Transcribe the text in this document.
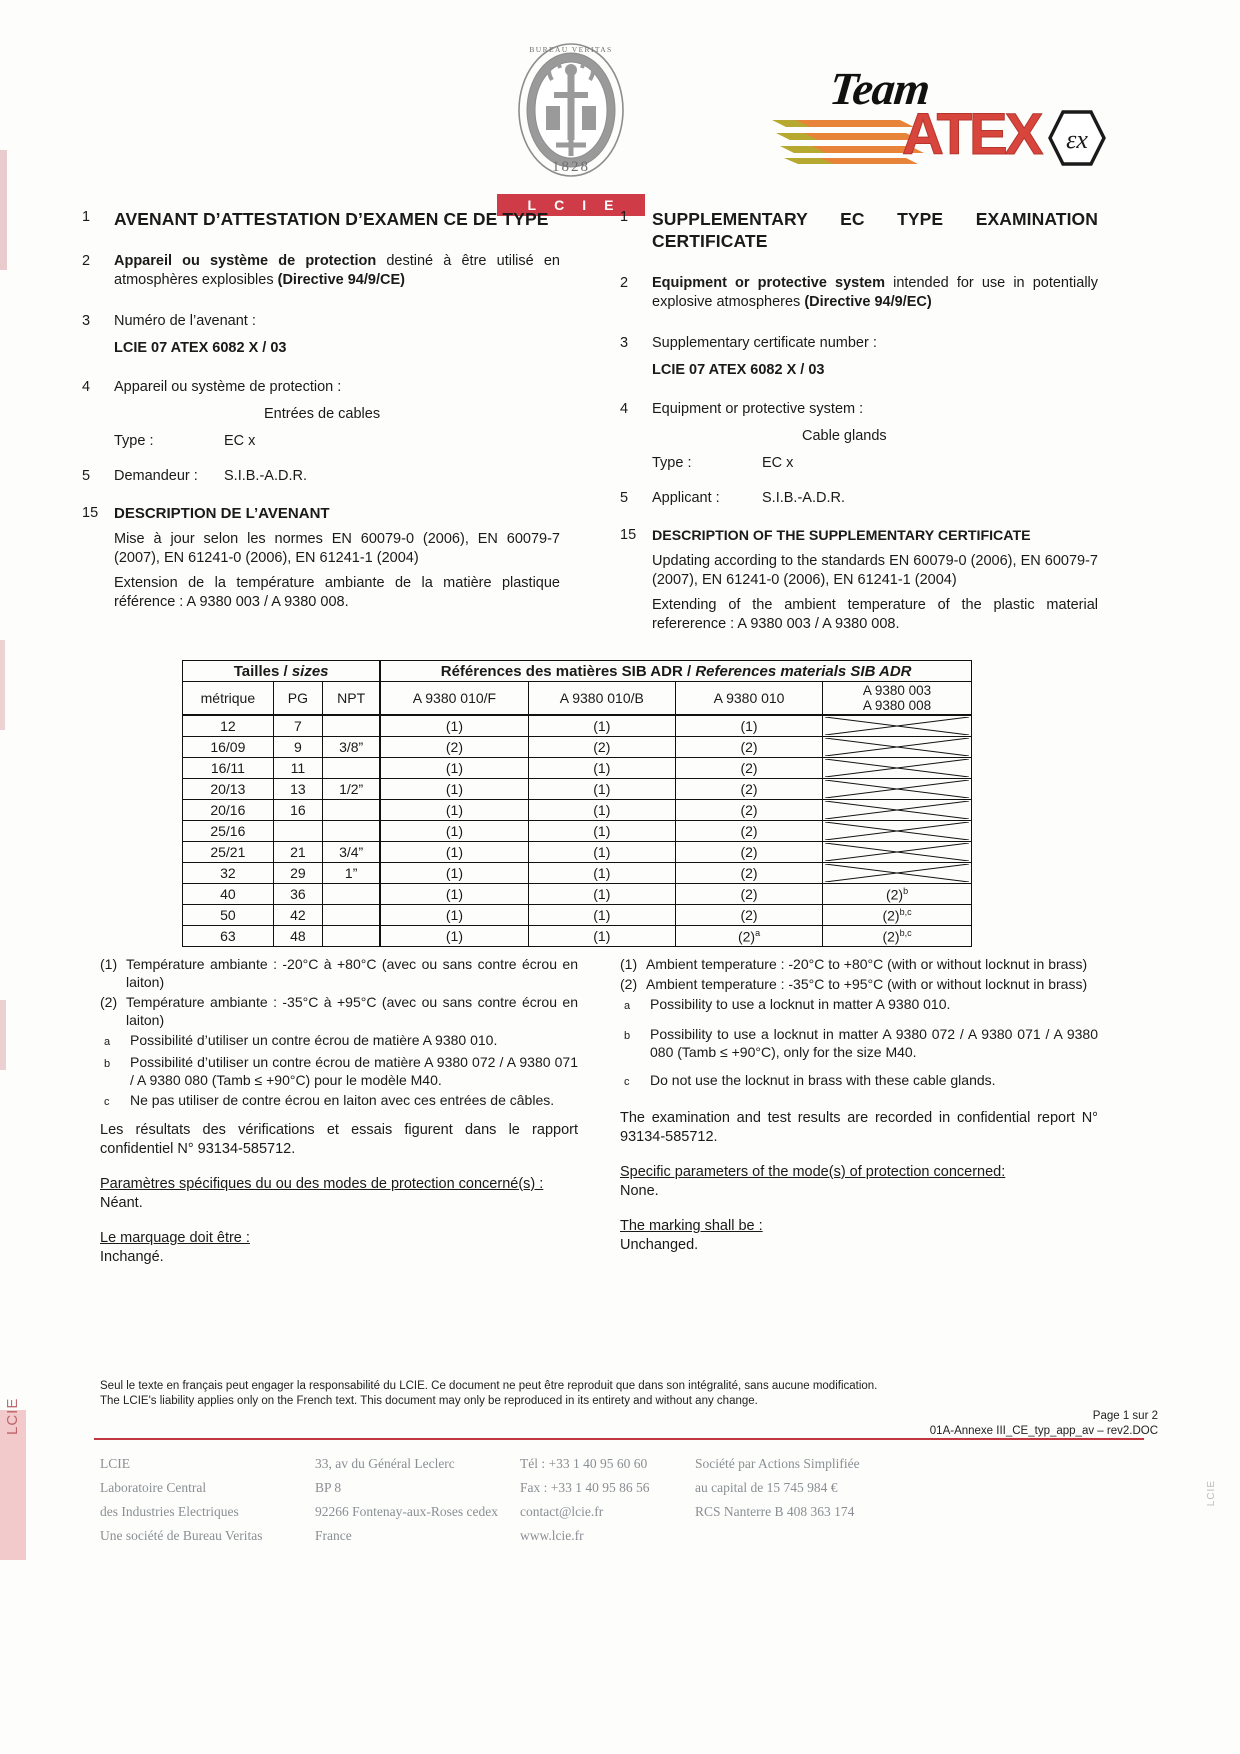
1828
BUREAU VERITAS
L C I E
Team
ATEX εx
1	AVENANT D’ATTESTATION D’EXAMEN CE DE TYPE
2	Appareil ou système de protection destiné à être utilisé en atmosphères explosibles (Directive 94/9/CE)
3	Numéro de l’avenant :
LCIE 07 ATEX 6082 X / 03
4	Appareil ou système de protection :
Entrées de cables
Type :	EC x
5	Demandeur :	S.I.B.-A.D.R.
15	DESCRIPTION DE L’AVENANT
Mise à jour selon les normes EN 60079-0 (2006), EN 60079-7 (2007), EN 61241-0 (2006), EN 61241-1 (2004)
Extension de la température ambiante de la matière plastique référence : A 9380 003 / A 9380 008.
1	SUPPLEMENTARY EC TYPE EXAMINATION CERTIFICATE
2	Equipment or protective system intended for use in potentially explosive atmospheres (Directive 94/9/EC)
3	Supplementary certificate number :
LCIE 07 ATEX 6082 X / 03
4	Equipment or protective system :
Cable glands
Type :	EC x
5	Applicant :	S.I.B.-A.D.R.
15	DESCRIPTION OF THE SUPPLEMENTARY CERTIFICATE
Updating according to the standards EN 60079-0 (2006), EN 60079-7 (2007), EN 61241-0 (2006), EN 61241-1 (2004)
Extending of the ambient temperature of the plastic material refererence : A 9380 003 / A 9380 008.
Tailles / sizes			Références des matières SIB ADR / References materials SIB ADR			
métrique	PG	NPT	A 9380 010/F	A 9380 010/B	A 9380 010	A 9380 003
A 9380 008

12	7		(1)	(1)	(1)	

16/09	9	3/8”	(2)	(2)	(2)	

16/11	11		(1)	(1)	(2)	

20/13	13	1/2”	(1)	(1)	(2)	

20/16	16		(1)	(1)	(2)	

25/16			(1)	(1)	(2)	

25/21	21	3/4”	(1)	(1)	(2)	

32	29	1”	(1)	(1)	(2)	

40	36		(1)	(1)	(2)	$(2)^b$
50	42		(1)	(1)	(2)	$(2)^{b,c}$
63	48		(1)	(1)	$(2)^a$	$(2)^{b,c}$
(1) Température ambiante : -20°C à +80°C (avec ou sans contre écrou en laiton)
(2) Température ambiante : -35°C à +95°C (avec ou sans contre écrou en laiton)
a	Possibilité d’utiliser un contre écrou de matière A 9380 010.
b	Possibilité d’utiliser un contre écrou de matière A 9380 072 / A 9380 071 / A 9380 080 (Tamb ≤ +90°C) pour le modèle M40.
c	Ne pas utiliser de contre écrou en laiton avec ces entrées de câbles.
Les résultats des vérifications et essais figurent dans le rapport confidentiel N° 93134-585712.
Paramètres spécifiques du ou des modes de protection concerné(s) :
Néant.
Le marquage doit être :
Inchangé.
(1) Ambient temperature : -20°C to +80°C (with or without locknut in brass)
(2) Ambient temperature : -35°C to +95°C (with or without locknut in brass)
a	Possibility to use a locknut in matter A 9380 010.
b	Possibility to use a locknut in matter A 9380 072 / A 9380 071 / A 9380 080 (Tamb ≤ +90°C), only for the size M40.
c	Do not use the locknut in brass with these cable glands.
The examination and test results are recorded in confidential report N° 93134-585712.
Specific parameters of the mode(s) of protection concerned:
None.
The marking shall be :
Unchanged.
Seul le texte en français peut engager la responsabilité du LCIE. Ce document ne peut être reproduit que dans son intégralité, sans aucune modification.
The LCIE's liability applies only on the French text. This document may only be reproduced in its entirety and without any change.
Page 1 sur 2
01A-Annexe III_CE_typ_app_av – rev2.DOC
LCIE	33, av du Général Leclerc	Tél : +33 1 40 95 60 60	Société par Actions Simplifiée
Laboratoire Central	BP 8	Fax : +33 1 40 95 86 56	au capital de 15 745 984 €
des Industries Electriques	92266 Fontenay-aux-Roses cedex	contact@lcie.fr	RCS Nanterre B 408 363 174
Une société de Bureau Veritas	France	www.lcie.fr
LCIE
LCIE
